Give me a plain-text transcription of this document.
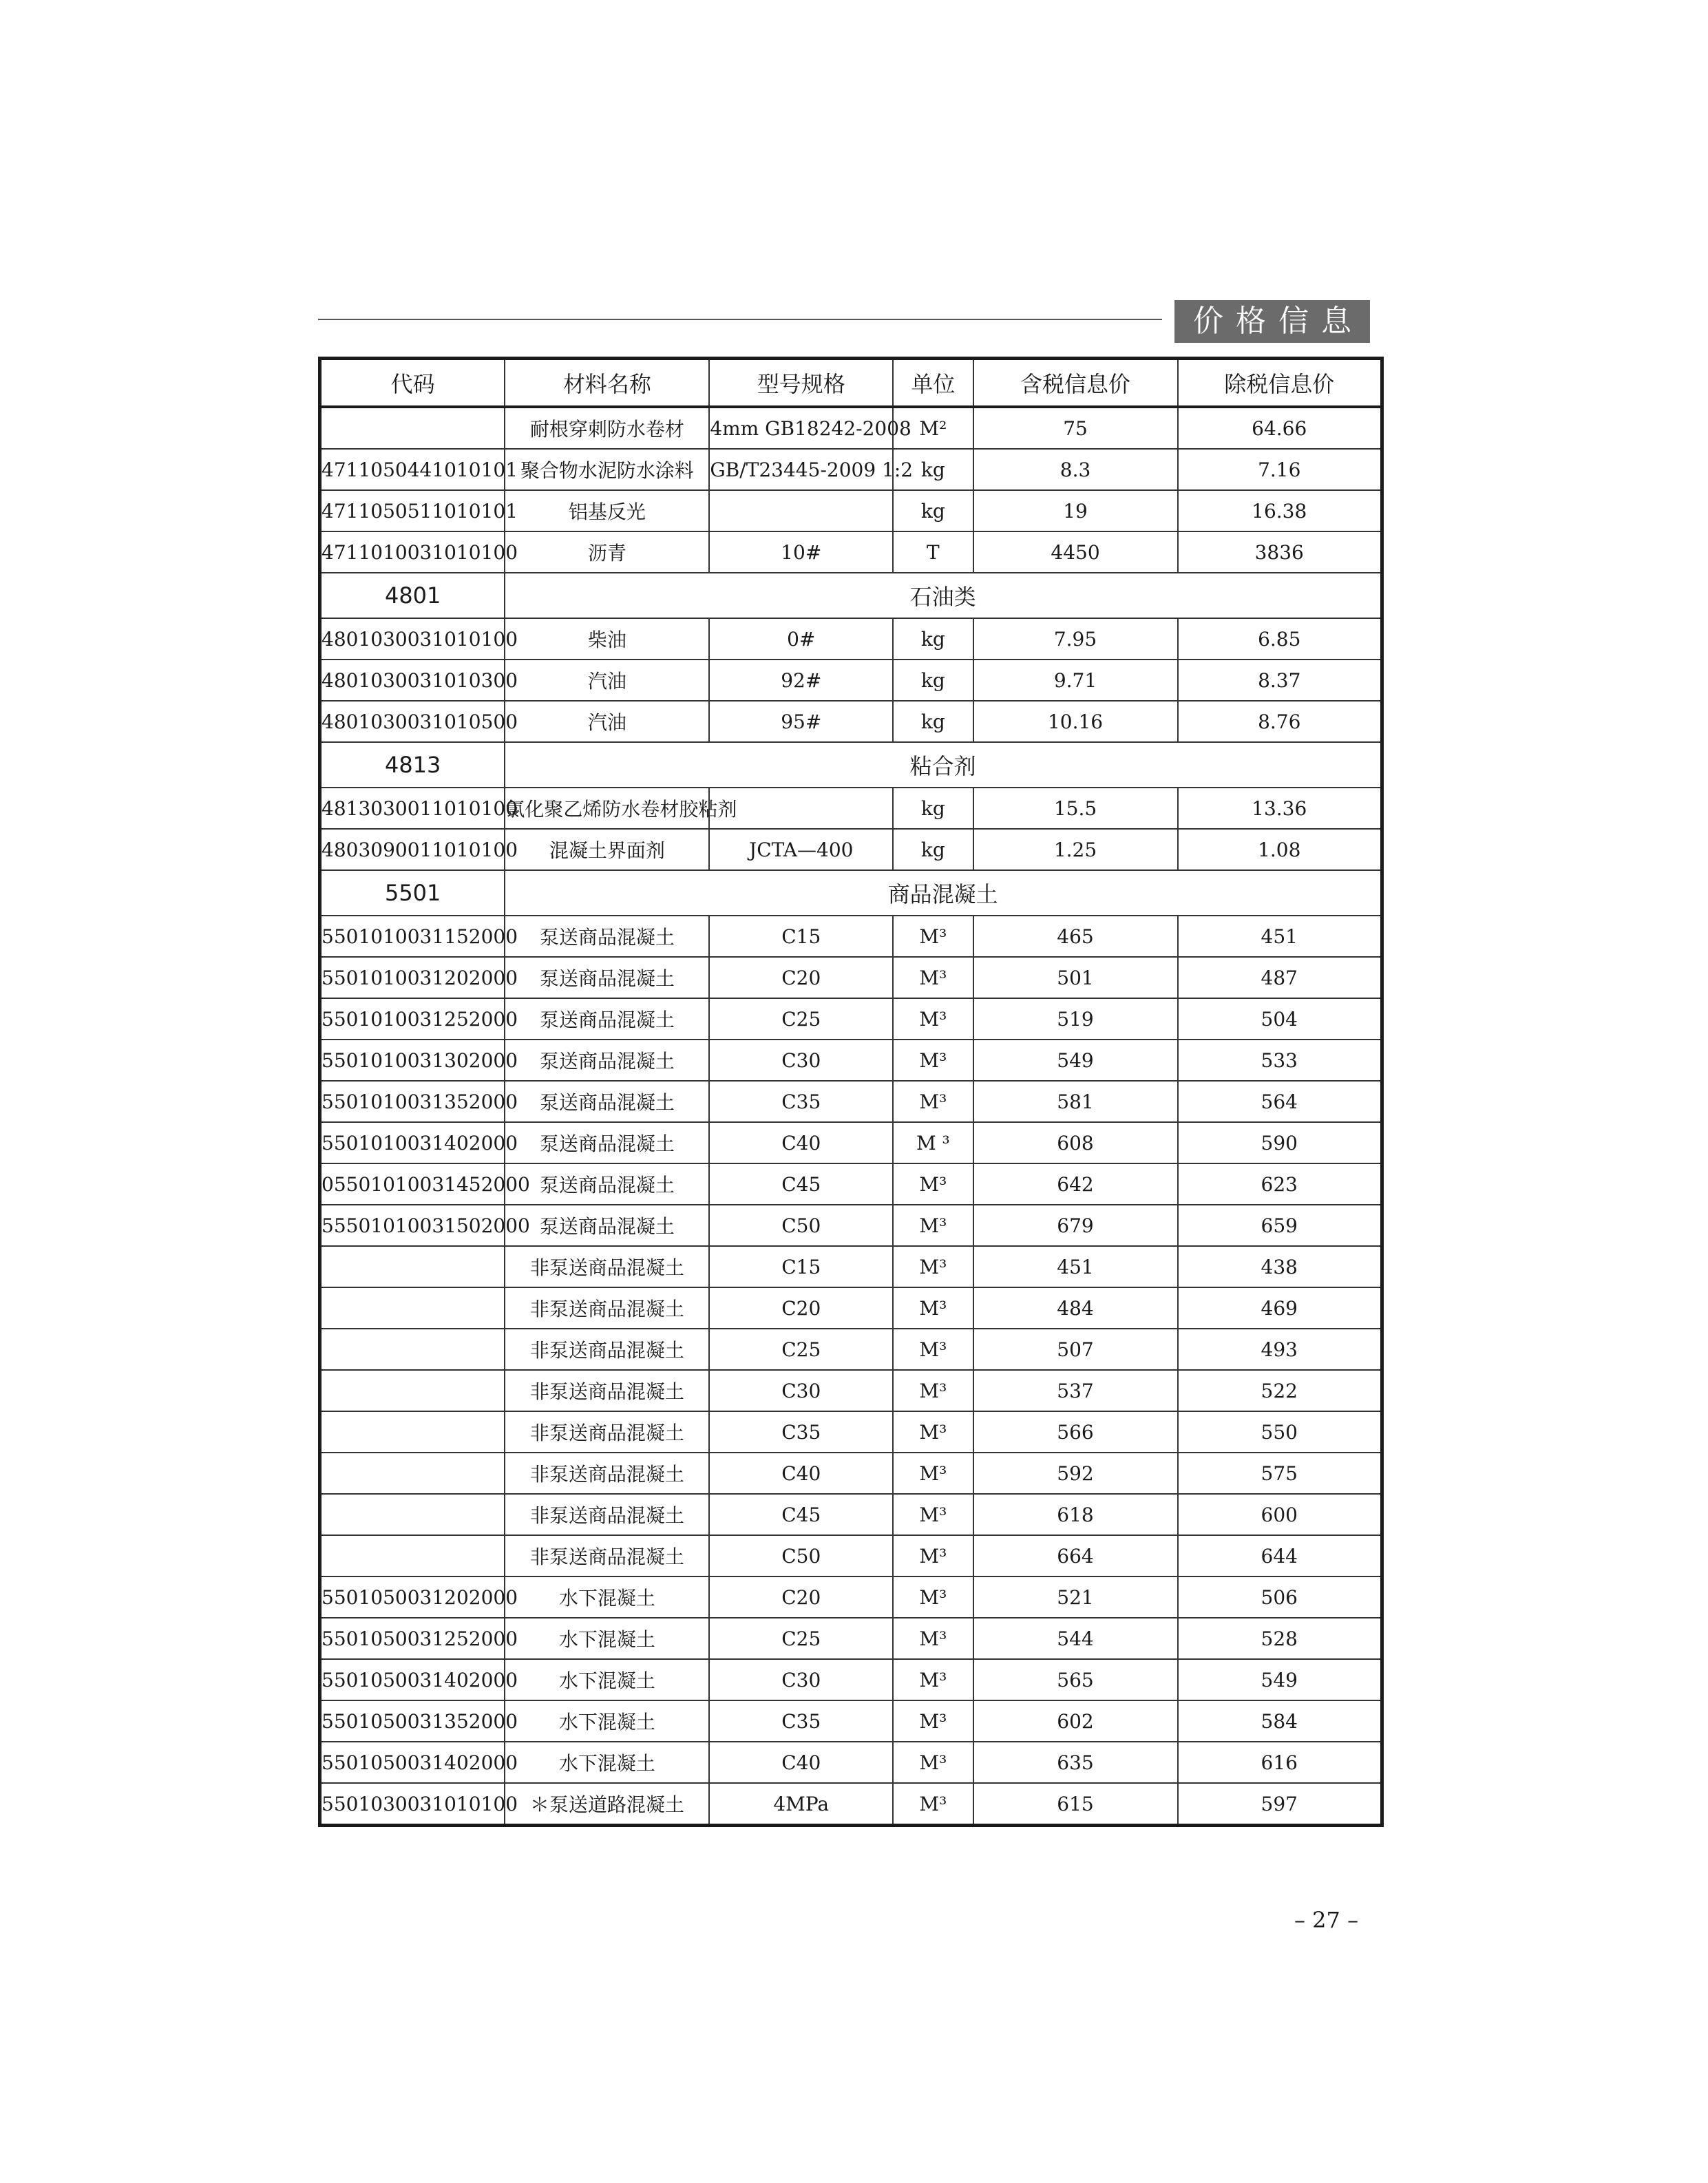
价格信息
代码	材料名称	型号规格	单位	含税信息价	除税信息价
	耐根穿刺防水卷材	4mm GB18242-2008	M²	75	64.66
4711050441010101	聚合物水泥防水涂料	GB/T23445-2009 1:2	kg	8.3	7.16
4711050511010101	铝基反光		kg	19	16.38
4711010031010100	沥青	10#	T	4450	3836
4801	石油类				
4801030031010100	柴油	0#	kg	7.95	6.85
4801030031010300	汽油	92#	kg	9.71	8.37
4801030031010500	汽油	95#	kg	10.16	8.76
4813	粘合剂				
4813030011010100	氯化聚乙烯防水卷材胶粘剂		kg	15.5	13.36
4803090011010100	混凝土界面剂	JCTA—400	kg	1.25	1.08
5501	商品混凝土				
5501010031152000	泵送商品混凝土	C15	M³	465	451
5501010031202000	泵送商品混凝土	C20	M³	501	487
5501010031252000	泵送商品混凝土	C25	M³	519	504
5501010031302000	泵送商品混凝土	C30	M³	549	533
5501010031352000	泵送商品混凝土	C35	M³	581	564
5501010031402000	泵送商品混凝土	C40	M ³	608	590
05501010031452000	泵送商品混凝土	C45	M³	642	623
55501010031502000	泵送商品混凝土	C50	M³	679	659
	非泵送商品混凝土	C15	M³	451	438
	非泵送商品混凝土	C20	M³	484	469
	非泵送商品混凝土	C25	M³	507	493
	非泵送商品混凝土	C30	M³	537	522
	非泵送商品混凝土	C35	M³	566	550
	非泵送商品混凝土	C40	M³	592	575
	非泵送商品混凝土	C45	M³	618	600
	非泵送商品混凝土	C50	M³	664	644
5501050031202000	水下混凝土	C20	M³	521	506
5501050031252000	水下混凝土	C25	M³	544	528
5501050031402000	水下混凝土	C30	M³	565	549
5501050031352000	水下混凝土	C35	M³	602	584
5501050031402000	水下混凝土	C40	M³	635	616
5501030031010100	＊泵送道路混凝土	4MPa	M³	615	597
– 27 –
